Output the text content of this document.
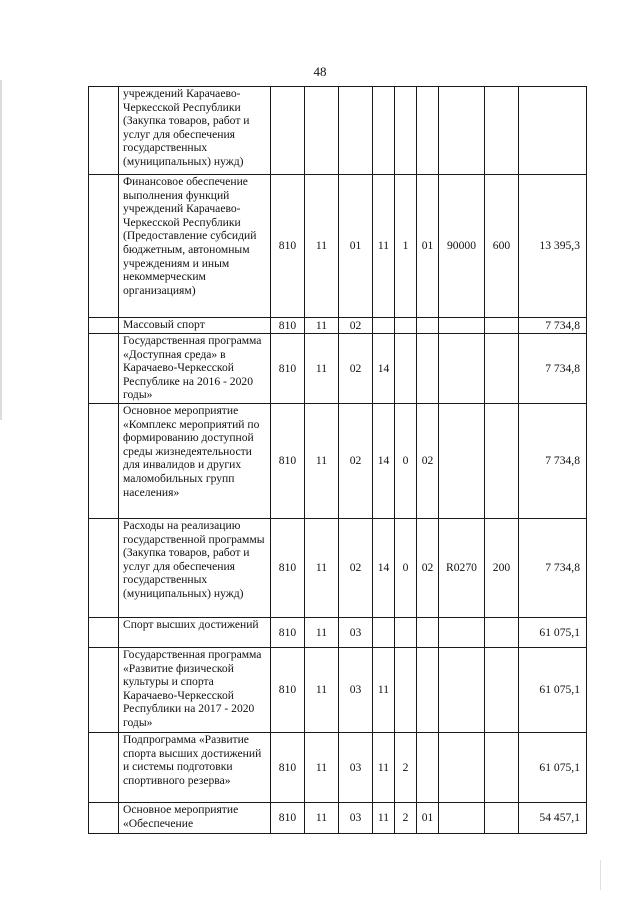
48
	учреждений Карачаево-Черкесской Республики (Закупка товаров, работ и услуг для обеспечения государственных (муниципальных) нужд)									
	Финансовое обеспечение выполнения функций учреждений Карачаево-Черкесской Республики (Предоставление субсидий бюджетным, автономным учреждениям и иным некоммерческим организациям)	810	11	01	11	1	01	90000	600	13 395,3
	Массовый спорт	810	11	02						7 734,8
	Государственная программа «Доступная среда» в Карачаево-Черкесской Республике на 2016 - 2020 годы»	810	11	02	14					7 734,8
	Основное мероприятие «Комплекс мероприятий по формированию доступной среды жизнедеятельности для инвалидов и других маломобильных групп населения»	810	11	02	14	0	02			7 734,8
	Расходы на реализацию государственной программы (Закупка товаров, работ и услуг для обеспечения государственных (муниципальных) нужд)	810	11	02	14	0	02	R0270	200	7 734,8
	Спорт высших достижений	810	11	03						61 075,1
	Государственная программа «Развитие физической культуры и спорта Карачаево-Черкесской Республики на 2017 - 2020 годы»	810	11	03	11					61 075,1
	Подпрограмма «Развитие спорта высших достижений и системы подготовки спортивного резерва»	810	11	03	11	2				61 075,1
	Основное мероприятие «Обеспечение	810	11	03	11	2	01			54 457,1
